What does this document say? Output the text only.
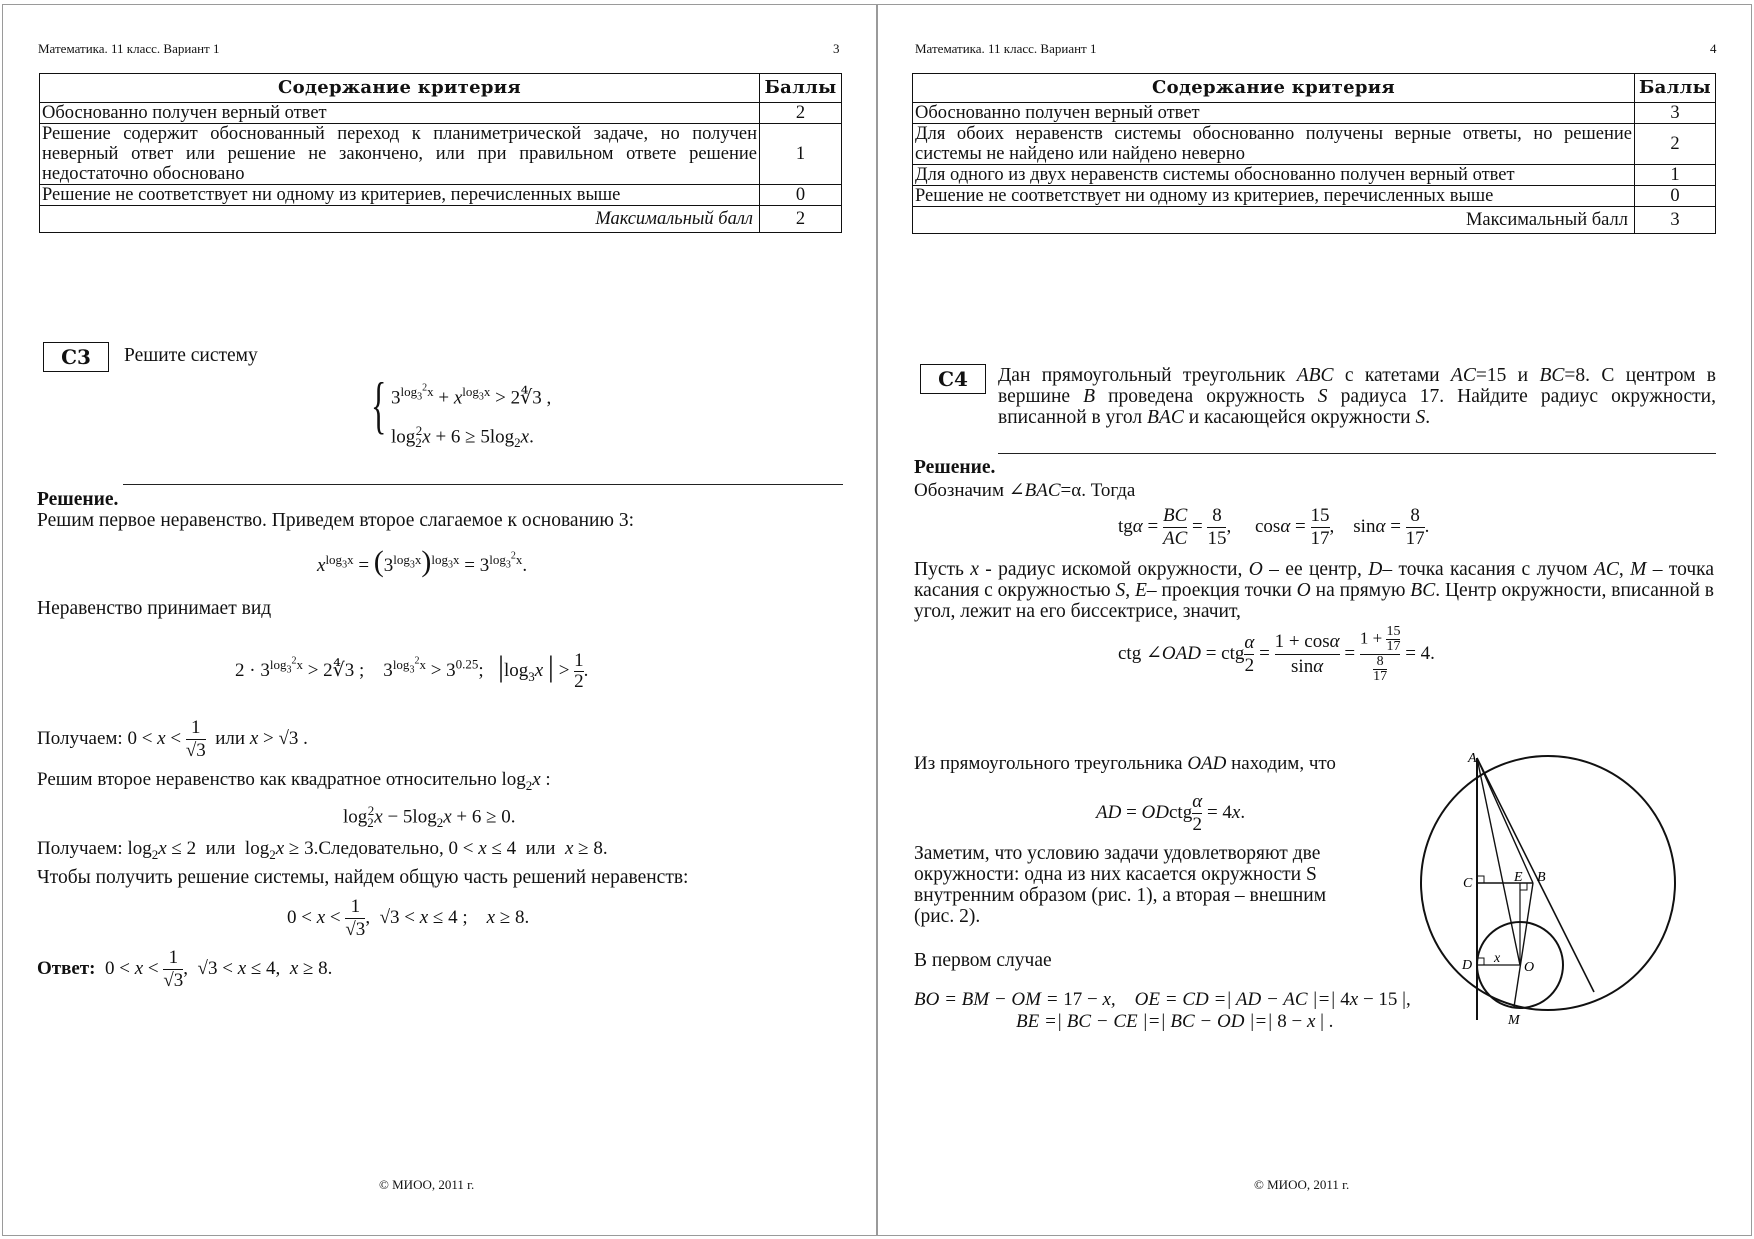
Математика. 11 класс. Вариант 1	3
Содержание критерия	Баллы
Обоснованно получен верный ответ	2
Решение содержит обоснованный переход к планиметрической задаче, но получен неверный ответ или решение не закончено, или при правильном ответе решение недостаточно обосновано	1
Решение не соответствует ни одному из критериев, перечисленных выше	0
Максимальный балл	2
C3	Решите систему
{ $3^{log_3^2x} + x^{log_3x}$ > 2∜3 ,
$\log_2^2x + 6 \ge 5\log_2x$.
Решение.
Решим первое неравенство. Приведем второе слагаемое к основанию 3:
$x^{log_3x} = (3^{log_3x})^{log_3x} = 3^{log_3^2x}$.
Неравенство принимает вид
$2 \cdot 3^{log_3^2x}$ > 2∜3 ;    $3^{log_3^2x} > 3^{0.25}$;   $|\log_3x$ | > $\frac{1}{2}$ .
Получаем: $0 < x < \frac{1}{√3}$ или x > √3 .
Решим второе неравенство как квадратное относительно $\log_2x$ :
$\log_2^2x - 5\log_2x + 6 \ge 0$.
Получаем: $\log_2x \le 2$  или  $\log_2x$ ≥ 3.Следовательно, 0 < x ≤ 4  или  x ≥ 8.
Чтобы получить решение системы, найдем общую часть решений неравенств:
$0 < x < \frac{1}{√3}$ ,  √3 < x ≤ 4 ;    x ≥ 8.
Ответ:  $0 < x < \frac{1}{√3}$ ,  √3 < x ≤ 4,  x ≥ 8.
© МИОО, 2011 г.
Математика. 11 класс. Вариант 1	4
Содержание критерия	Баллы
Обоснованно получен верный ответ	3
Для обоих неравенств системы обоснованно получены верные ответы, но решение системы не найдено или найдено неверно	2
Для одного из двух неравенств системы обоснованно получен верный ответ	1
Решение не соответствует ни одному из критериев, перечисленных выше	0
Максимальный балл	3
C4	Дан прямоугольный треугольник ABC с катетами AC=15 и BC=8. С центром в вершине B проведена окружность S радиуса 17. Найдите радиус окружности, вписанной в угол BAC и касающейся окружности S.
Решение.
Обозначим ∠BAC=α. Тогда
$tg\alpha = \frac{BC}{AC} = \frac{8}{15}$ ,     $\cos\alpha = \frac{15}{17}$ ,    $\sin\alpha = \frac{8}{17}$ .
Пусть x - радиус искомой окружности, O – ее центр, D– точка касания с лучом AC, M – точка касания с окружностью S, E– проекция точки O на прямую BC. Центр окружности, вписанной в угол, лежит на его биссектрисе, значит,
ctg ∠OAD = ctg $\frac{\alpha}{2} = \frac{1 + \cos\alpha}{\sin\alpha} = \frac{1 + \frac{15}{17}}{\frac{8}{17}} = 4$.
Из прямоугольного треугольника OAD находим, что
AD = ODctg $\frac{\alpha}{2} = 4x$.
Заметим, что условию задачи удовлетворяют две окружности: одна из них касается окружности S внутренним образом (рис. 1), а вторая – внешним (рис. 2).
В первом случае
BO = BM − OM = 17 − x,    OE = CD =| AD − AC |=| 4x − 15 |,
BE =| BC − CE |=| BC − OD |=| 8 − x | .
A
C	E B
D x
O
M
© МИОО, 2011 г.
